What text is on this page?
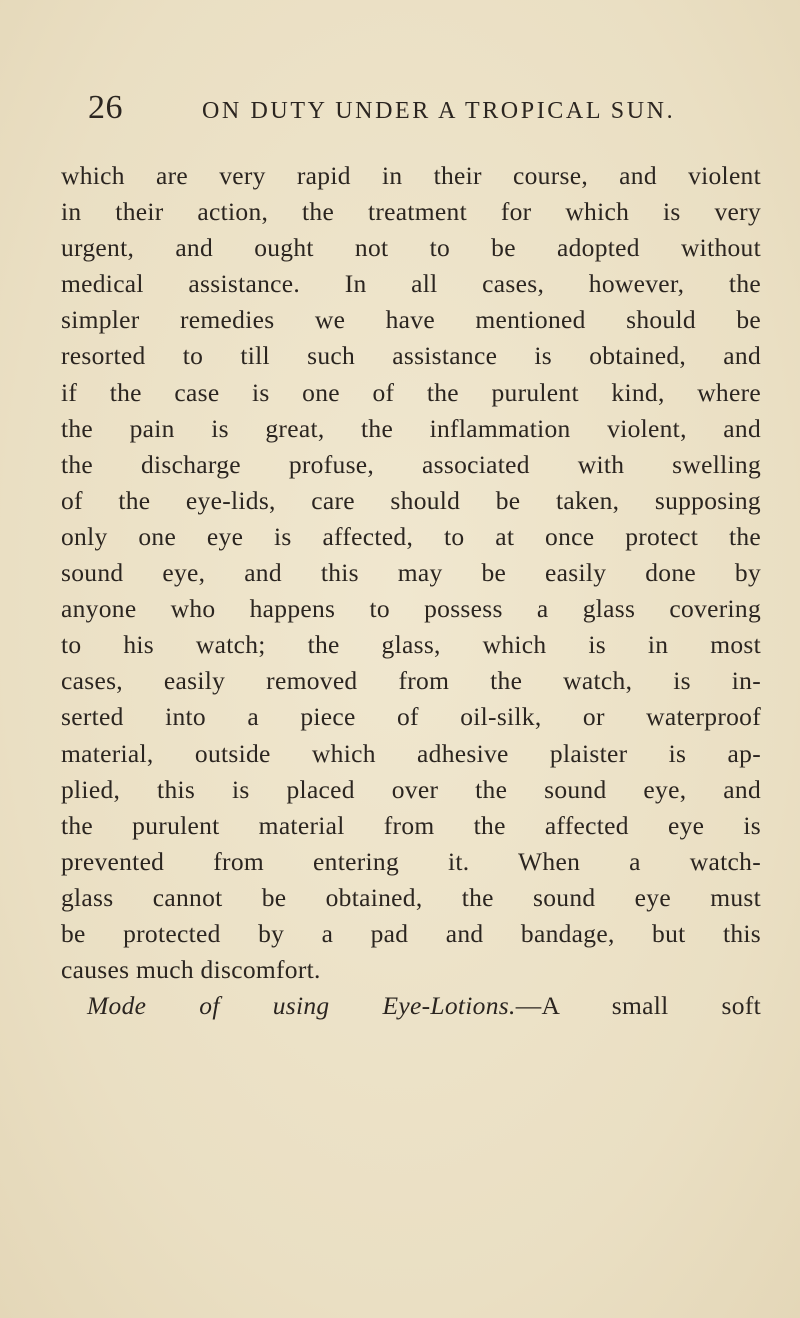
26	ON DUTY UNDER A TROPICAL SUN.
which are very rapid in their course, and violent
in their action, the treatment for which is very
urgent, and ought not to be adopted without
medical assistance. In all cases, however, the
simpler remedies we have mentioned should be
resorted to till such assistance is obtained, and
if the case is one of the purulent kind, where
the pain is great, the inflammation violent, and
the discharge profuse, associated with swelling
of the eye-lids, care should be taken, supposing
only one eye is affected, to at once protect the
sound eye, and this may be easily done by
anyone who happens to possess a glass covering
to his watch; the glass, which is in most
cases, easily removed from the watch, is in-
serted into a piece of oil-silk, or waterproof
material, outside which adhesive plaister is ap-
plied, this is placed over the sound eye, and
the purulent material from the affected eye is
prevented from entering it. When a watch-
glass cannot be obtained, the sound eye must
be protected by a pad and bandage, but this
causes much discomfort.
Mode of using Eye-Lotions.—A small soft
